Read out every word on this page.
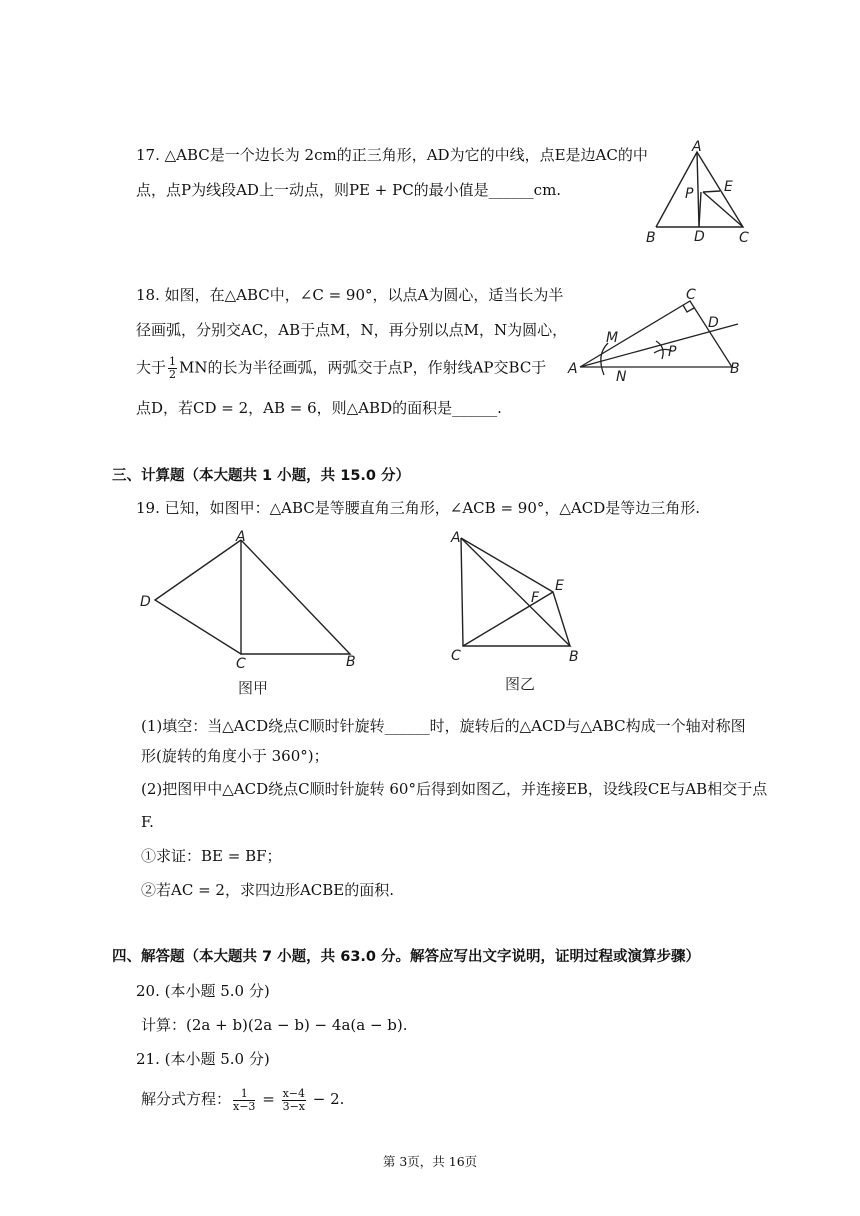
17. △ABC是一个边长为 2cm的正三角形，AD为它的中线，点E是边AC的中
点，点P为线段AD上一动点，则PE + PC的最小值是______cm.
A
B	D C
E
P
18. 如图，在△ABC中，∠C = 90°，以点A为圆心，适当长为半
径画弧，分别交AC，AB于点M，N，再分别以点M，N为圆心，
大于 $\frac{1}{2}$ MN的长为半径画弧，两弧交于点P，作射线AP交BC于
点D，若CD = 2，AB = 6，则△ABD的面积是______.
A
C
D
B
M
N
P
三、计算题（本大题共 1 小题，共 15.0 分）
19. 已知，如图甲：△ABC是等腰直角三角形，∠ACB = 90°，△ACD是等边三角形.
A
D
C	B
图甲
A
E
F
C	B
图乙
(1)填空：当△ACD绕点C顺时针旋转______时，旋转后的△ACD与△ABC构成一个轴对称图
形(旋转的角度小于 360°)；
(2)把图甲中△ACD绕点C顺时针旋转 60°后得到如图乙，并连接EB，设线段CE与AB相交于点
F.
①求证：BE = BF；
②若AC = 2，求四边形ACBE的面积.
四、解答题（本大题共 7 小题，共 63.0 分。解答应写出文字说明，证明过程或演算步骤）
20. (本小题 5.0 分)
计算：(2a + b)(2a − b) − 4a(a − b).
21. (本小题 5.0 分)
解分式方程： $\frac{1}{x-3} = \frac{x-4}{3-x} - 2$.
第 3页，共 16页
